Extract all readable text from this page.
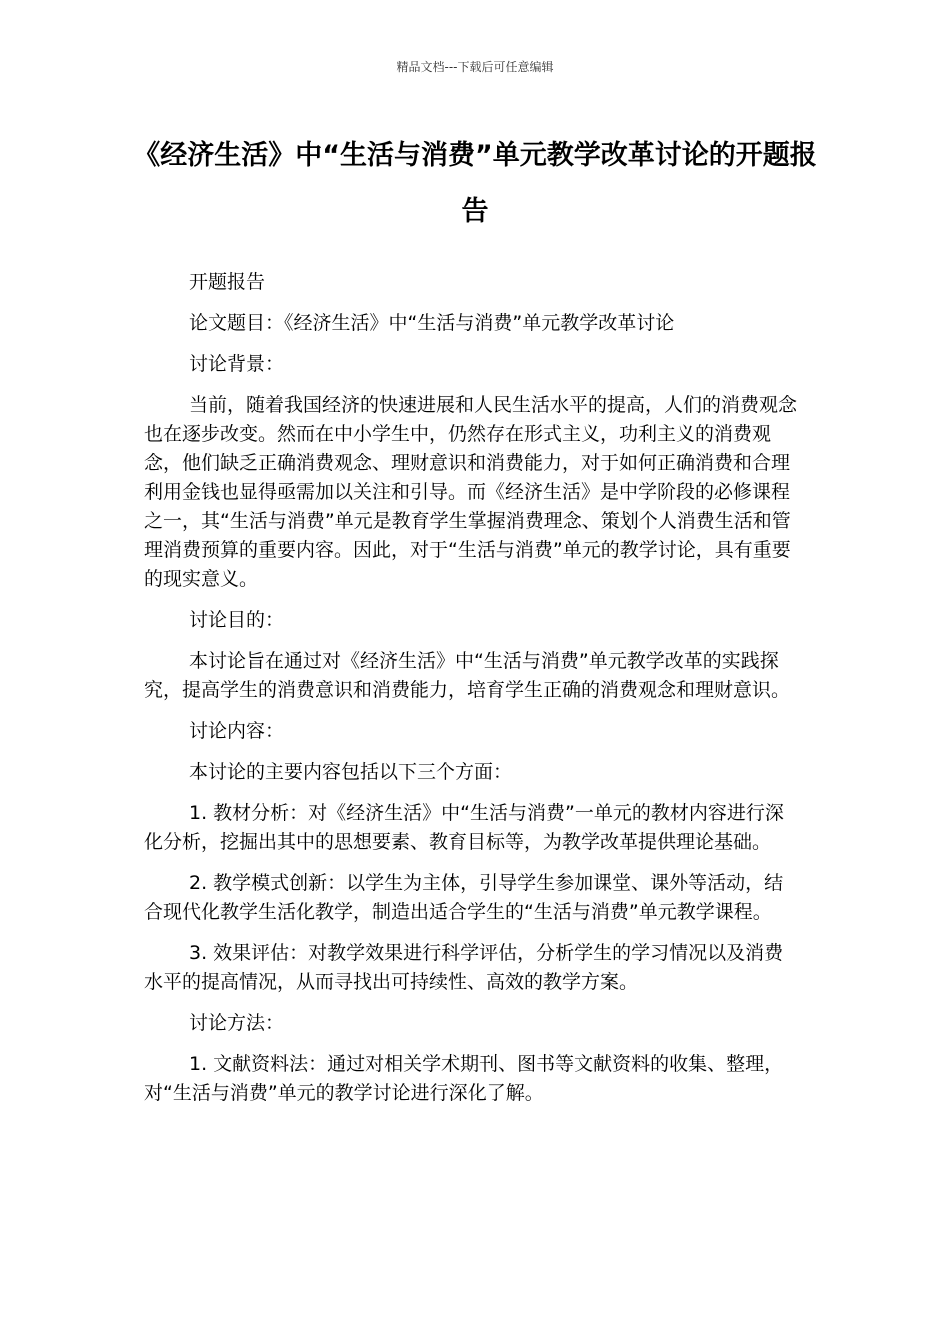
精品文档---下载后可任意编辑
《经济生活》中“生活与消费”单元教学改革讨论的开题报告

开题报告

论文题目：《经济生活》中“生活与消费”单元教学改革讨论

讨论背景：

当前，随着我国经济的快速进展和人民生活水平的提高，人们的消费观念也在逐步改变。然而在中小学生中，仍然存在形式主义，功利主义的消费观念，他们缺乏正确消费观念、理财意识和消费能力，对于如何正确消费和合理利用金钱也显得亟需加以关注和引导。而《经济生活》是中学阶段的必修课程之一，其“生活与消费”单元是教育学生掌握消费理念、策划个人消费生活和管理消费预算的重要内容。因此，对于“生活与消费”单元的教学讨论，具有重要的现实意义。

讨论目的：

本讨论旨在通过对《经济生活》中“生活与消费”单元教学改革的实践探究，提高学生的消费意识和消费能力，培育学生正确的消费观念和理财意识。

讨论内容：

本讨论的主要内容包括以下三个方面：

1. 教材分析：对《经济生活》中“生活与消费”一单元的教材内容进行深化分析，挖掘出其中的思想要素、教育目标等，为教学改革提供理论基础。

2. 教学模式创新：以学生为主体，引导学生参加课堂、课外等活动，结合现代化教学生活化教学，制造出适合学生的“生活与消费”单元教学课程。

3. 效果评估：对教学效果进行科学评估，分析学生的学习情况以及消费水平的提高情况，从而寻找出可持续性、高效的教学方案。

讨论方法：

1. 文献资料法：通过对相关学术期刊、图书等文献资料的收集、整理，对“生活与消费”单元的教学讨论进行深化了解。
